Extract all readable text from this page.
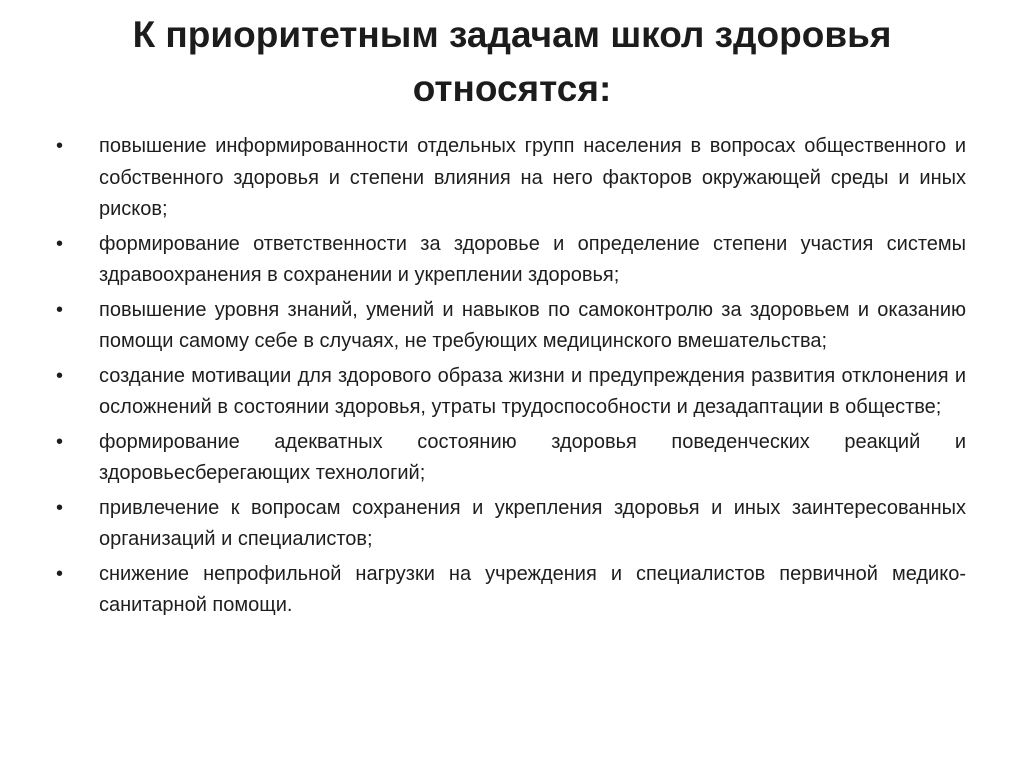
К приоритетным задачам школ здоровья относятся:
•	повышение информированности отдельных групп населения в вопросах общественного и собственного здоровья и степени влияния на него факторов окружающей среды и иных рисков;
•	формирование ответственности за здоровье и определение степени участия системы здравоохранения в сохранении и укреплении здоровья;
•	повышение уровня знаний, умений и навыков по самоконтролю за здоровьем и оказанию помощи самому себе в случаях, не требующих медицинского вмешательства;
•	создание мотивации для здорового образа жизни и предупреждения развития отклонения и осложнений в состоянии здоровья, утраты трудоспособности и дезадаптации в обществе;
•	формирование адекватных состоянию здоровья поведенческих реакций и здоровьесберегающих технологий;
•	привлечение к вопросам сохранения и укрепления здоровья и иных заинтересованных организаций и специалистов;
•	снижение непрофильной нагрузки на учреждения и специалистов первичной медико-санитарной помощи.
